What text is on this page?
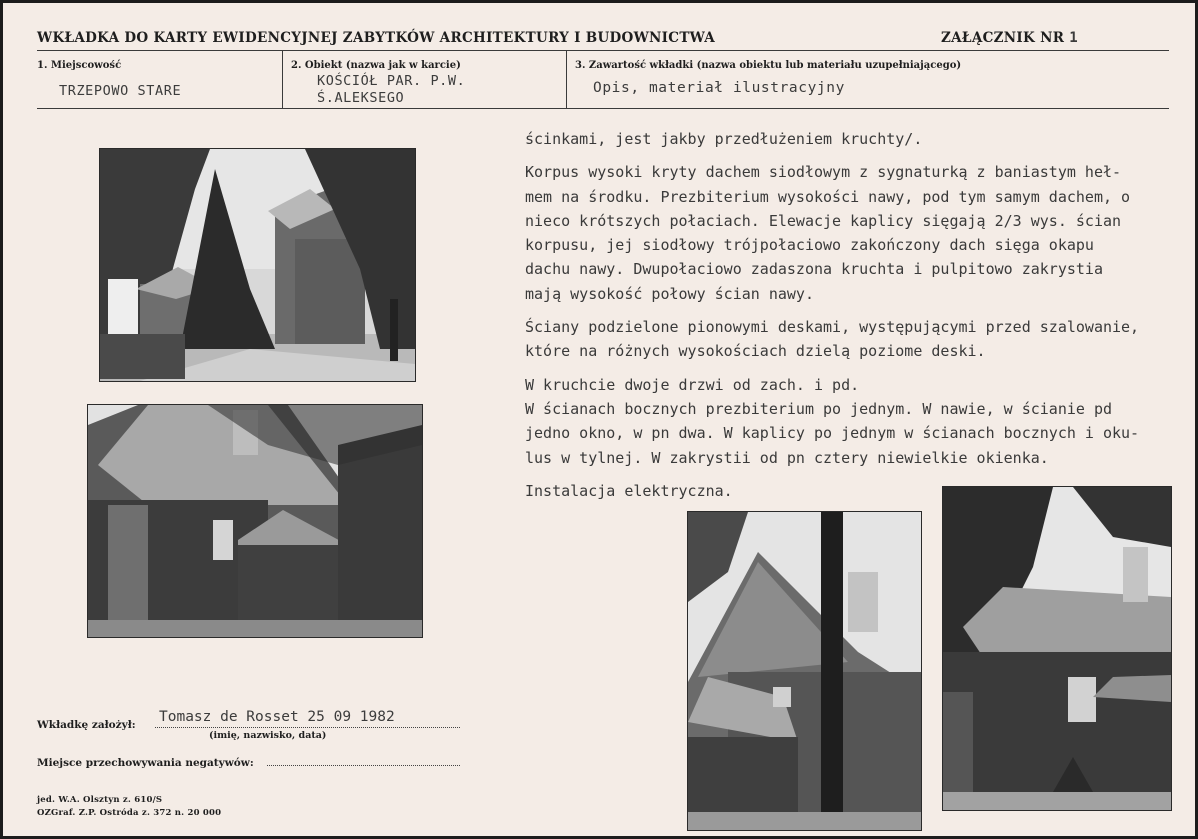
WKŁADKA DO KARTY EWIDENCYJNEJ ZABYTKÓW ARCHITEKTURY I BUDOWNICTWA	ZAŁĄCZNIK NR 1
1. Miejscowość
TRZEPOWO STARE
2. Obiekt (nazwa jak w karcie)
KOŚCIÓŁ PAR. P.W.
Ś.ALEKSEGO
3. Zawartość wkładki (nazwa obiektu lub materiału uzupełniającego)
Opis, materiał ilustracyjny

ścinkami, jest jakby przedłużeniem kruchty/.

Korpus wysoki kryty dachem siodłowym z sygnaturką z baniastym heł-
mem na środku. Prezbiterium wysokości nawy, pod tym samym dachem, o
nieco krótszych połaciach. Elewacje kaplicy sięgają 2/3 wys. ścian
korpusu, jej siodłowy trójpołaciowo zakończony dach sięga okapu
dachu nawy. Dwupołaciowo zadaszona kruchta i pulpitowo zakrystia
mają wysokość połowy ścian nawy.

Ściany podzielone pionowymi deskami, występującymi przed szalowanie,
które na różnych wysokościach dzielą poziome deski.

W kruchcie dwoje drzwi od zach. i pd.
W ścianach bocznych prezbiterium po jednym. W nawie, w ścianie pd
jedno okno, w pn dwa. W kaplicy po jednym w ścianach bocznych i oku-
lus w tylnej. W zakrystii od pn cztery niewielkie okienka.

Instalacja elektryczna.

Wkładkę założył: Tomasz de Rosset 25 09 1982
(imię, nazwisko, data)
Miejsce przechowywania negatywów:
jed. W.A. Olsztyn z. 610/S
OZGraf. Z.P. Ostróda z. 372 n. 20 000
